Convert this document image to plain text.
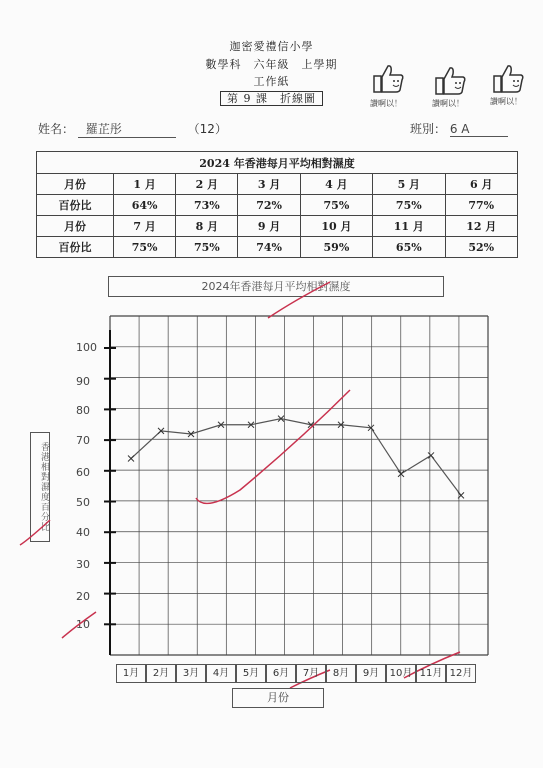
迦密愛禮信小學
數學科　六年級　上學期
工作紙
第 9 課　折線圖	讚啊以！	讚啊以！	讚啊以！
姓名： 羅芷彤	（12）	班別： 6 A
2024 年香港每月平均相對濕度						
月份	1 月	2 月	3 月	4 月	5 月	6 月
百份比	64%	73%	72%	75%	75%	77%
月份	7 月	8 月	9 月	10 月	11 月	12 月
百份比	75%	75%	74%	59%	65%	52%
2024年香港每月平均相對濕度
香港相對濕度百分比
100
90
80
70
60
50
40
30
20
10
1月	2月	3月	4月	5月	6月	7月	8月	9月	10月 11月 12月
月份
